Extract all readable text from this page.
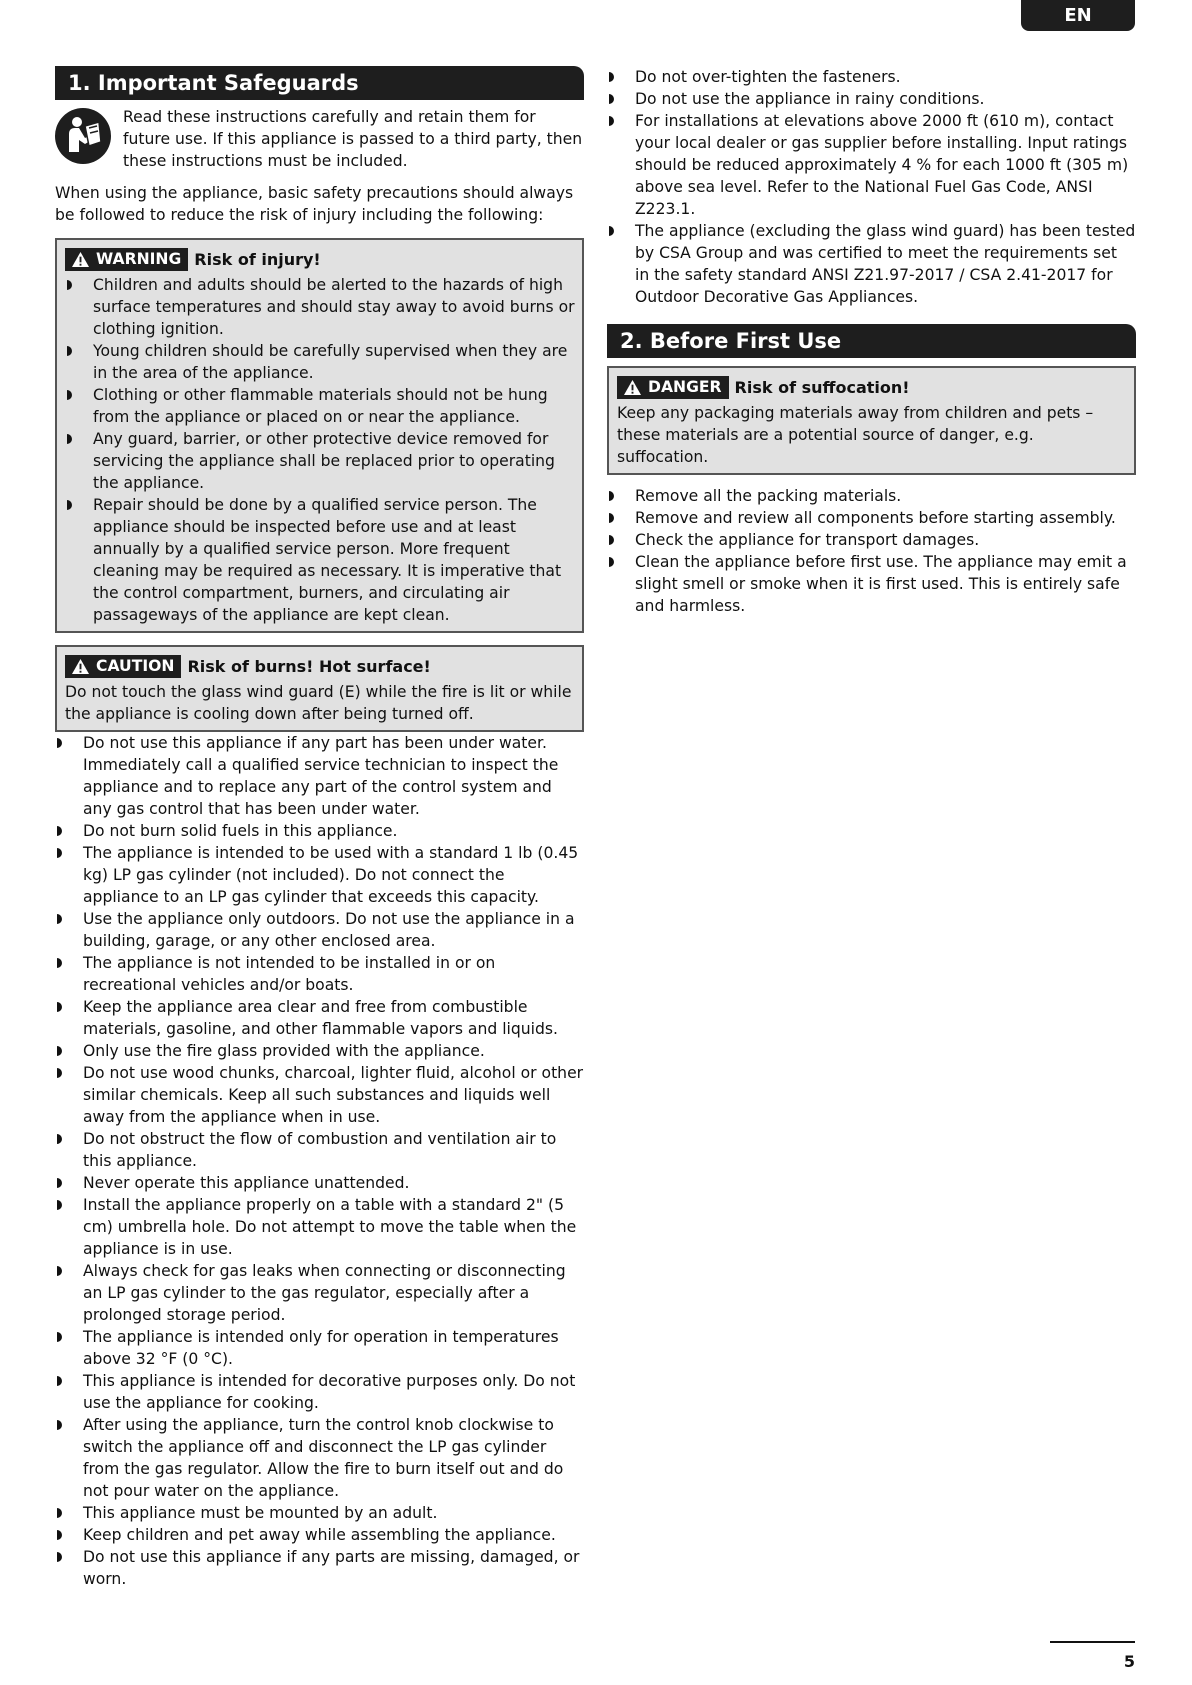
EN
1. Important Safeguards
Read these instructions carefully and retain them for future use. If this appliance is passed to a third party, then these instructions must be included.
When using the appliance, basic safety precautions should always be followed to reduce the risk of injury including the following:
WARNING Risk of injury!
Children and adults should be alerted to the hazards of high surface temperatures and should stay away to avoid burns or clothing ignition.
Young children should be carefully supervised when they are in the area of the appliance.
Clothing or other flammable materials should not be hung from the appliance or placed on or near the appliance.
Any guard, barrier, or other protective device removed for servicing the appliance shall be replaced prior to operating the appliance.
Repair should be done by a qualified service person. The appliance should be inspected before use and at least annually by a qualified service person. More frequent cleaning may be required as necessary. It is imperative that the control compartment, burners, and circulating air passageways of the appliance are kept clean.
CAUTION Risk of burns! Hot surface!
Do not touch the glass wind guard (E) while the fire is lit or while the appliance is cooling down after being turned off.
Do not use this appliance if any part has been under water. Immediately call a qualified service technician to inspect the appliance and to replace any part of the control system and any gas control that has been under water.
Do not burn solid fuels in this appliance.
The appliance is intended to be used with a standard 1 lb (0.45 kg) LP gas cylinder (not included). Do not connect the appliance to an LP gas cylinder that exceeds this capacity.
Use the appliance only outdoors. Do not use the appliance in a building, garage, or any other enclosed area.
The appliance is not intended to be installed in or on recreational vehicles and/or boats.
Keep the appliance area clear and free from combustible materials, gasoline, and other flammable vapors and liquids.
Only use the fire glass provided with the appliance.
Do not use wood chunks, charcoal, lighter fluid, alcohol or other similar chemicals. Keep all such substances and liquids well away from the appliance when in use.
Do not obstruct the flow of combustion and ventilation air to this appliance.
Never operate this appliance unattended.
Install the appliance properly on a table with a standard 2" (5 cm) umbrella hole. Do not attempt to move the table when the appliance is in use.
Always check for gas leaks when connecting or disconnecting an LP gas cylinder to the gas regulator, especially after a prolonged storage period.
The appliance is intended only for operation in temperatures above 32 °F (0 °C).
This appliance is intended for decorative purposes only. Do not use the appliance for cooking.
After using the appliance, turn the control knob clockwise to switch the appliance off and disconnect the LP gas cylinder from the gas regulator. Allow the fire to burn itself out and do not pour water on the appliance.
This appliance must be mounted by an adult.
Keep children and pet away while assembling the appliance.
Do not use this appliance if any parts are missing, damaged, or worn.
Do not over-tighten the fasteners.
Do not use the appliance in rainy conditions.
For installations at elevations above 2000 ft (610 m), contact your local dealer or gas supplier before installing. Input ratings should be reduced approximately 4 % for each 1000 ft (305 m) above sea level. Refer to the National Fuel Gas Code, ANSI Z223.1.
The appliance (excluding the glass wind guard) has been tested by CSA Group and was certified to meet the requirements set in the safety standard ANSI Z21.97-2017 / CSA 2.41-2017 for Outdoor Decorative Gas Appliances.
2. Before First Use
DANGER Risk of suffocation!
Keep any packaging materials away from children and pets – these materials are a potential source of danger, e.g. suffocation.
Remove all the packing materials.
Remove and review all components before starting assembly.
Check the appliance for transport damages.
Clean the appliance before first use. The appliance may emit a slight smell or smoke when it is first used. This is entirely safe and harmless.
5
